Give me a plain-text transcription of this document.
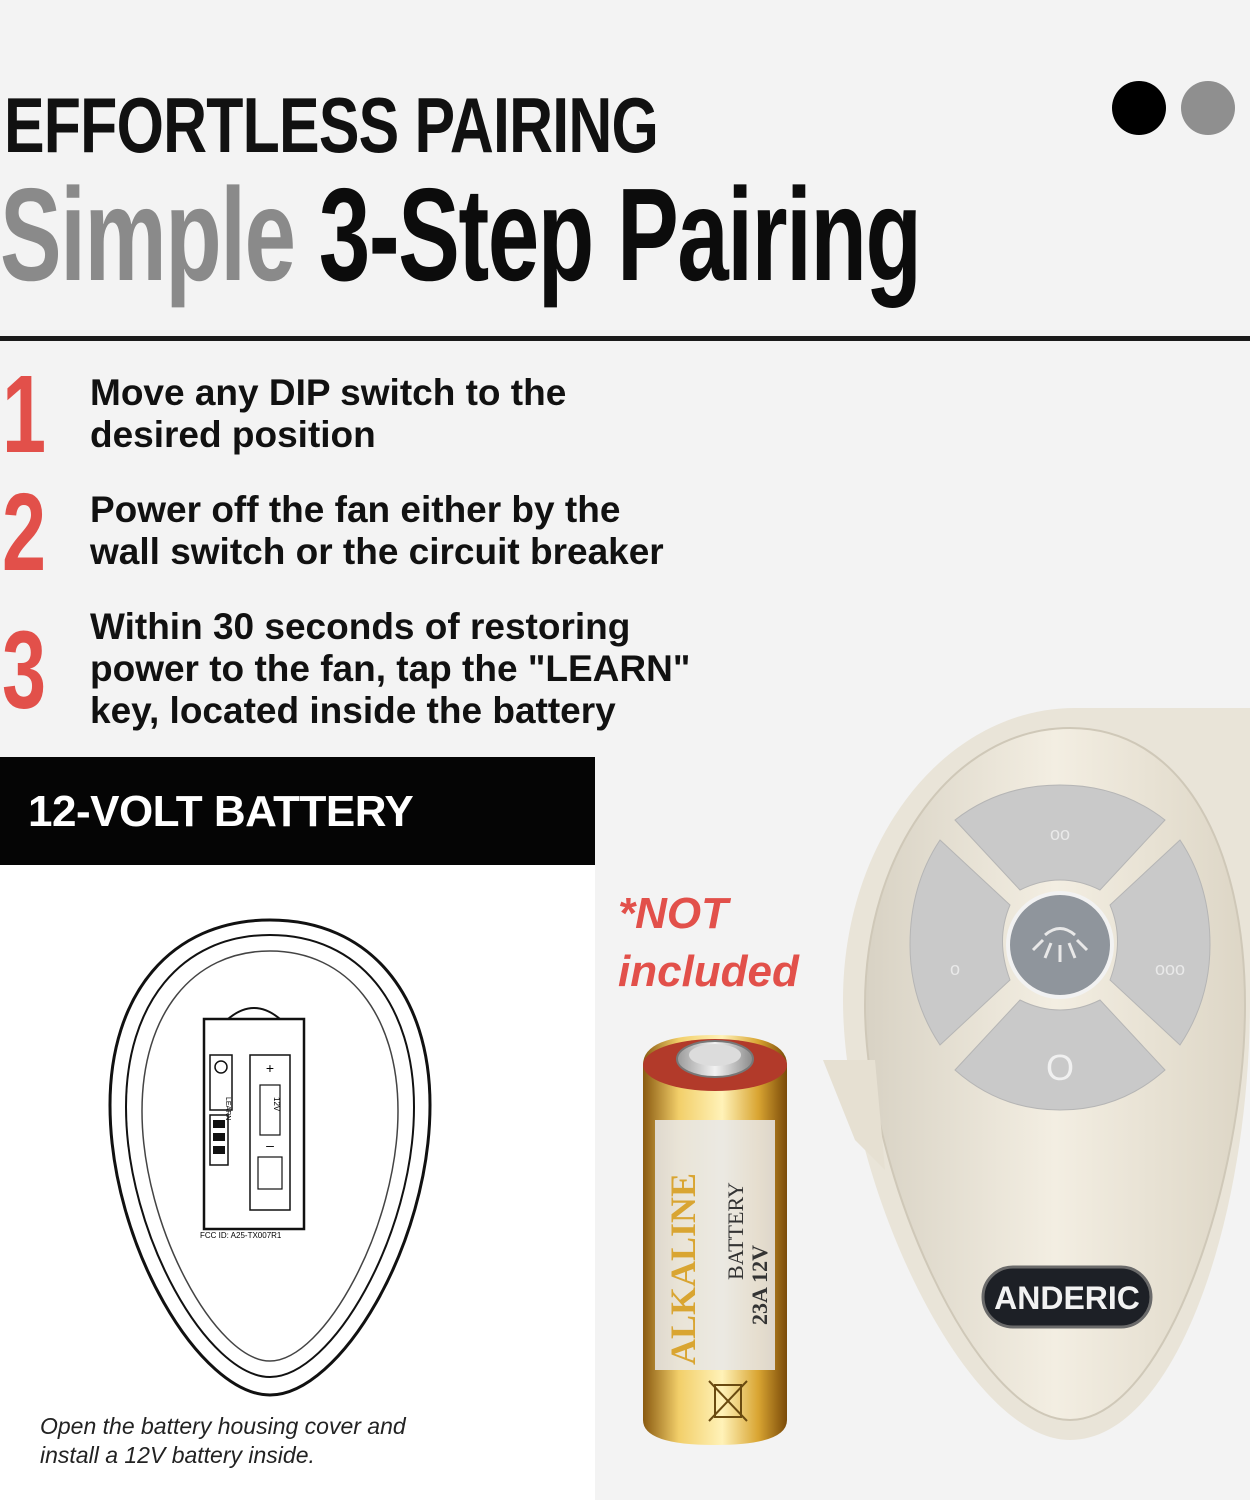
EFFORTLESS PAIRING
Simple 3-Step Pairing
1 Move any DIP switch to the
desired position
2 Power off the fan either by the
wall switch or the circuit breaker
3 Within 30 seconds of restoring
power to the fan, tap the "LEARN"
key, located inside the battery
12-VOLT BATTERY
+
–
LEARN	12V
FCC ID: A25-TX007R1
Open the battery housing cover and
install a 12V battery inside.
*NOT
included
ALKALINE BATTERY
23A 12V
oo
o	ooo
O
ANDERIC
